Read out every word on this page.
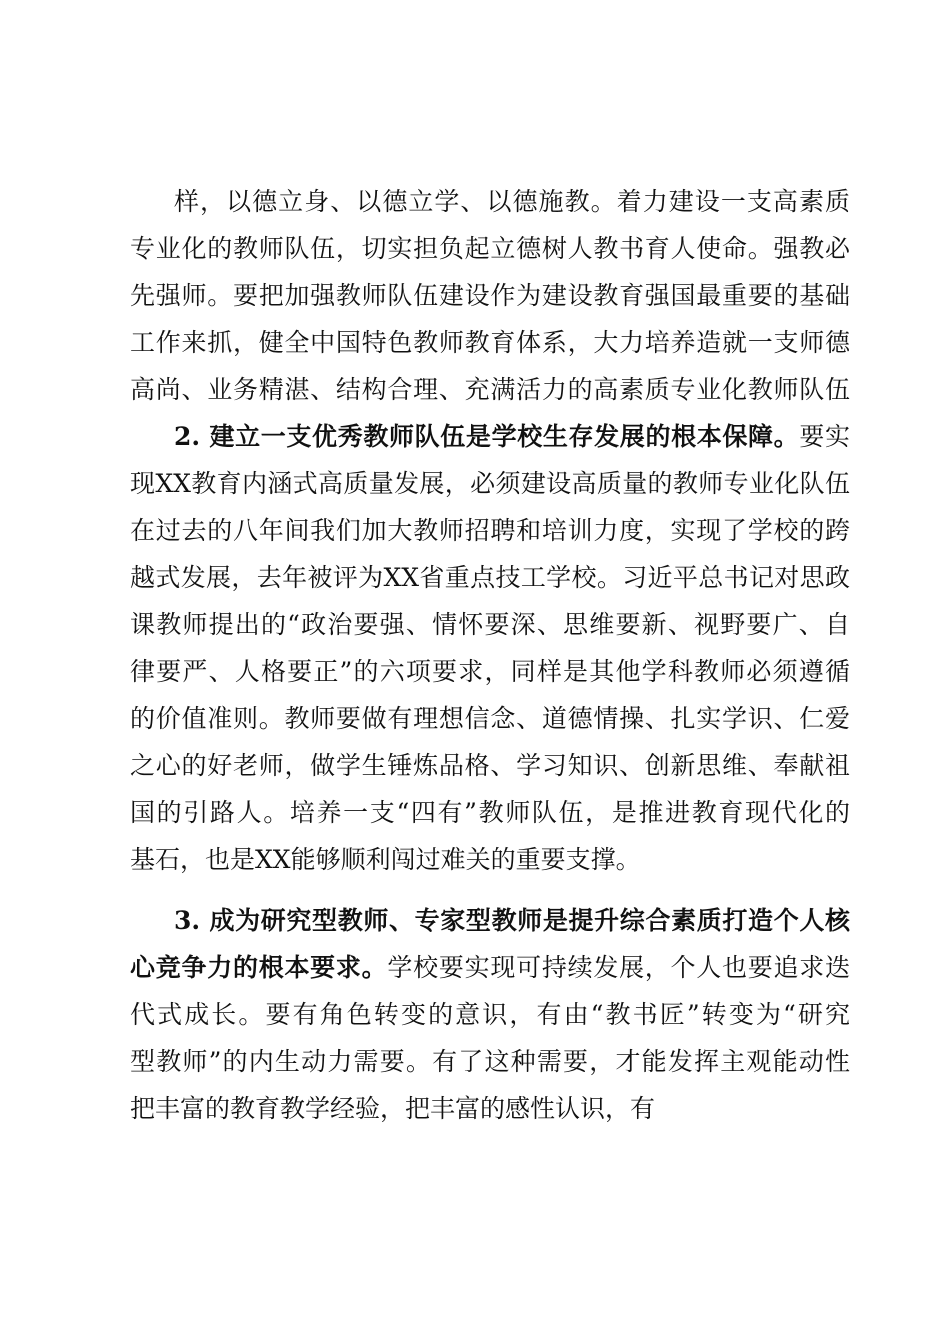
样，以德立身、以德立学、以德施教。着力建设一支高素质
专业化的教师队伍，切实担负起立德树人教书育人使命。强教必
先强师。要把加强教师队伍建设作为建设教育强国最重要的基础
工作来抓，健全中国特色教师教育体系，大力培养造就一支师德
高尚、业务精湛、结构合理、充满活力的高素质专业化教师队伍
2. 建立一支优秀教师队伍是学校生存发展的根本保障。要实
现XX教育内涵式高质量发展，必须建设高质量的教师专业化队伍
在过去的八年间我们加大教师招聘和培训力度，实现了学校的跨
越式发展，去年被评为XX省重点技工学校。习近平总书记对思政
课教师提出的“政治要强、情怀要深、思维要新、视野要广、自
律要严、人格要正”的六项要求，同样是其他学科教师必须遵循
的价值准则。教师要做有理想信念、道德情操、扎实学识、仁爱
之心的好老师，做学生锤炼品格、学习知识、创新思维、奉献祖
国的引路人。培养一支“四有”教师队伍，是推进教育现代化的
基石，也是XX能够顺利闯过难关的重要支撑。
3. 成为研究型教师、专家型教师是提升综合素质打造个人核
心竞争力的根本要求。学校要实现可持续发展，个人也要追求迭
代式成长。要有角色转变的意识，有由“教书匠”转变为“研究
型教师”的内生动力需要。有了这种需要，才能发挥主观能动性
把丰富的教育教学经验，把丰富的感性认识，有
